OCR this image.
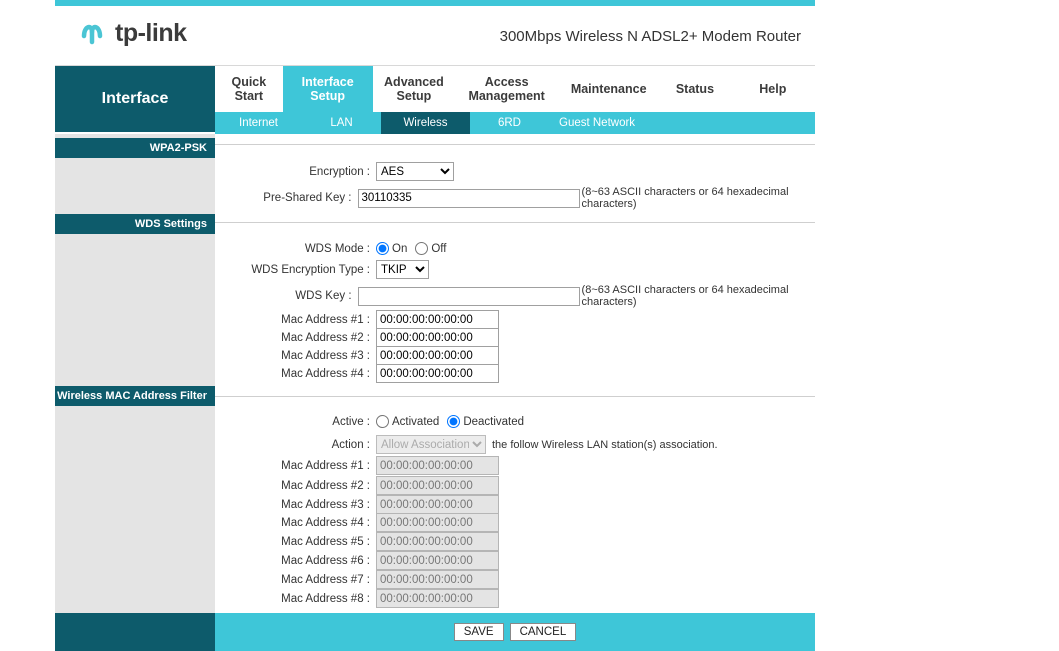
tp-link	300Mbps Wireless N ADSL2+ Modem Router
Interface
Quick Start
Interface Setup
Advanced Setup
Access Management	Maintenance	Status	Help
Internet	LAN	Wireless	6RD	Guest Network
WPA2-PSK
WDS Settings
Wireless MAC Address Filter
Encryption :
AES
Pre-Shared Key :
30110335	(8~63 ASCII characters or 64 hexadecimal characters)
WDS Mode :	On Off
WDS Encryption Type :
TKIP
WDS Key :	(8~63 ASCII characters or 64 hexadecimal characters)
Mac Address #1 :
00:00:00:00:00:00
Mac Address #2 :
00:00:00:00:00:00
Mac Address #3 :
00:00:00:00:00:00
Mac Address #4 :
00:00:00:00:00:00
Active :	Activated Deactivated
Action :
Allow Association	the follow Wireless LAN station(s) association.
Mac Address #1 :
00:00:00:00:00:00
Mac Address #2 :
00:00:00:00:00:00
Mac Address #3 :
00:00:00:00:00:00
Mac Address #4 :
00:00:00:00:00:00
Mac Address #5 :
00:00:00:00:00:00
Mac Address #6 :
00:00:00:00:00:00
Mac Address #7 :
00:00:00:00:00:00
Mac Address #8 :
00:00:00:00:00:00
SAVE	CANCEL
